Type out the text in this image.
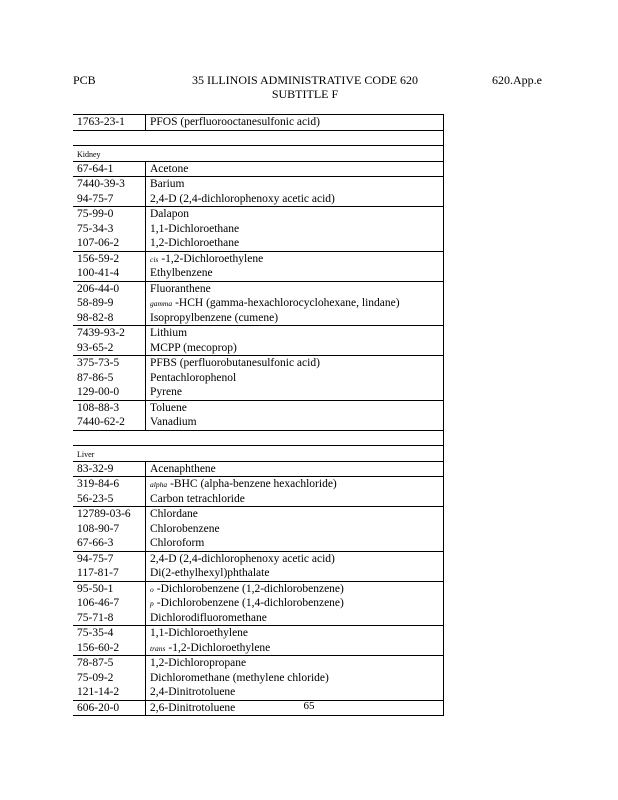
PCB	35 ILLINOIS ADMINISTRATIVE CODE 620
SUBTITLE F
620.App.e
1763-23-1 PFOS (perfluorooctanesulfonic acid)
Kidney
67-64-1	Acetone
7440-39-3 Barium
94-75-7	2,4-D (2,4-dichlorophenoxy acetic acid)
75-99-0	Dalapon
75-34-3	1,1-Dichloroethane
107-06-2	1,2-Dichloroethane
156-59-2	cis -1,2-Dichloroethylene
100-41-4	Ethylbenzene
206-44-0	Fluoranthene
58-89-9	gamma -HCH (gamma-hexachlorocyclohexane, lindane)
98-82-8	Isopropylbenzene (cumene)
7439-93-2 Lithium
93-65-2	MCPP (mecoprop)
375-73-5	PFBS (perfluorobutanesulfonic acid)
87-86-5	Pentachlorophenol
129-00-0	Pyrene
108-88-3	Toluene
7440-62-2 Vanadium
Liver
83-32-9	Acenaphthene
319-84-6	alpha -BHC (alpha-benzene hexachloride)
56-23-5	Carbon tetrachloride
12789-03-6 Chlordane
108-90-7	Chlorobenzene
67-66-3	Chloroform
94-75-7	2,4-D (2,4-dichlorophenoxy acetic acid)
117-81-7	Di(2-ethylhexyl)phthalate
95-50-1	o -Dichlorobenzene (1,2-dichlorobenzene)
106-46-7	p -Dichlorobenzene (1,4-dichlorobenzene)
75-71-8	Dichlorodifluoromethane
75-35-4	1,1-Dichloroethylene
156-60-2	trans -1,2-Dichloroethylene
78-87-5	1,2-Dichloropropane
75-09-2	Dichloromethane (methylene chloride)
121-14-2	2,4-Dinitrotoluene
606-20-0	2,6-Dinitrotoluene	65
